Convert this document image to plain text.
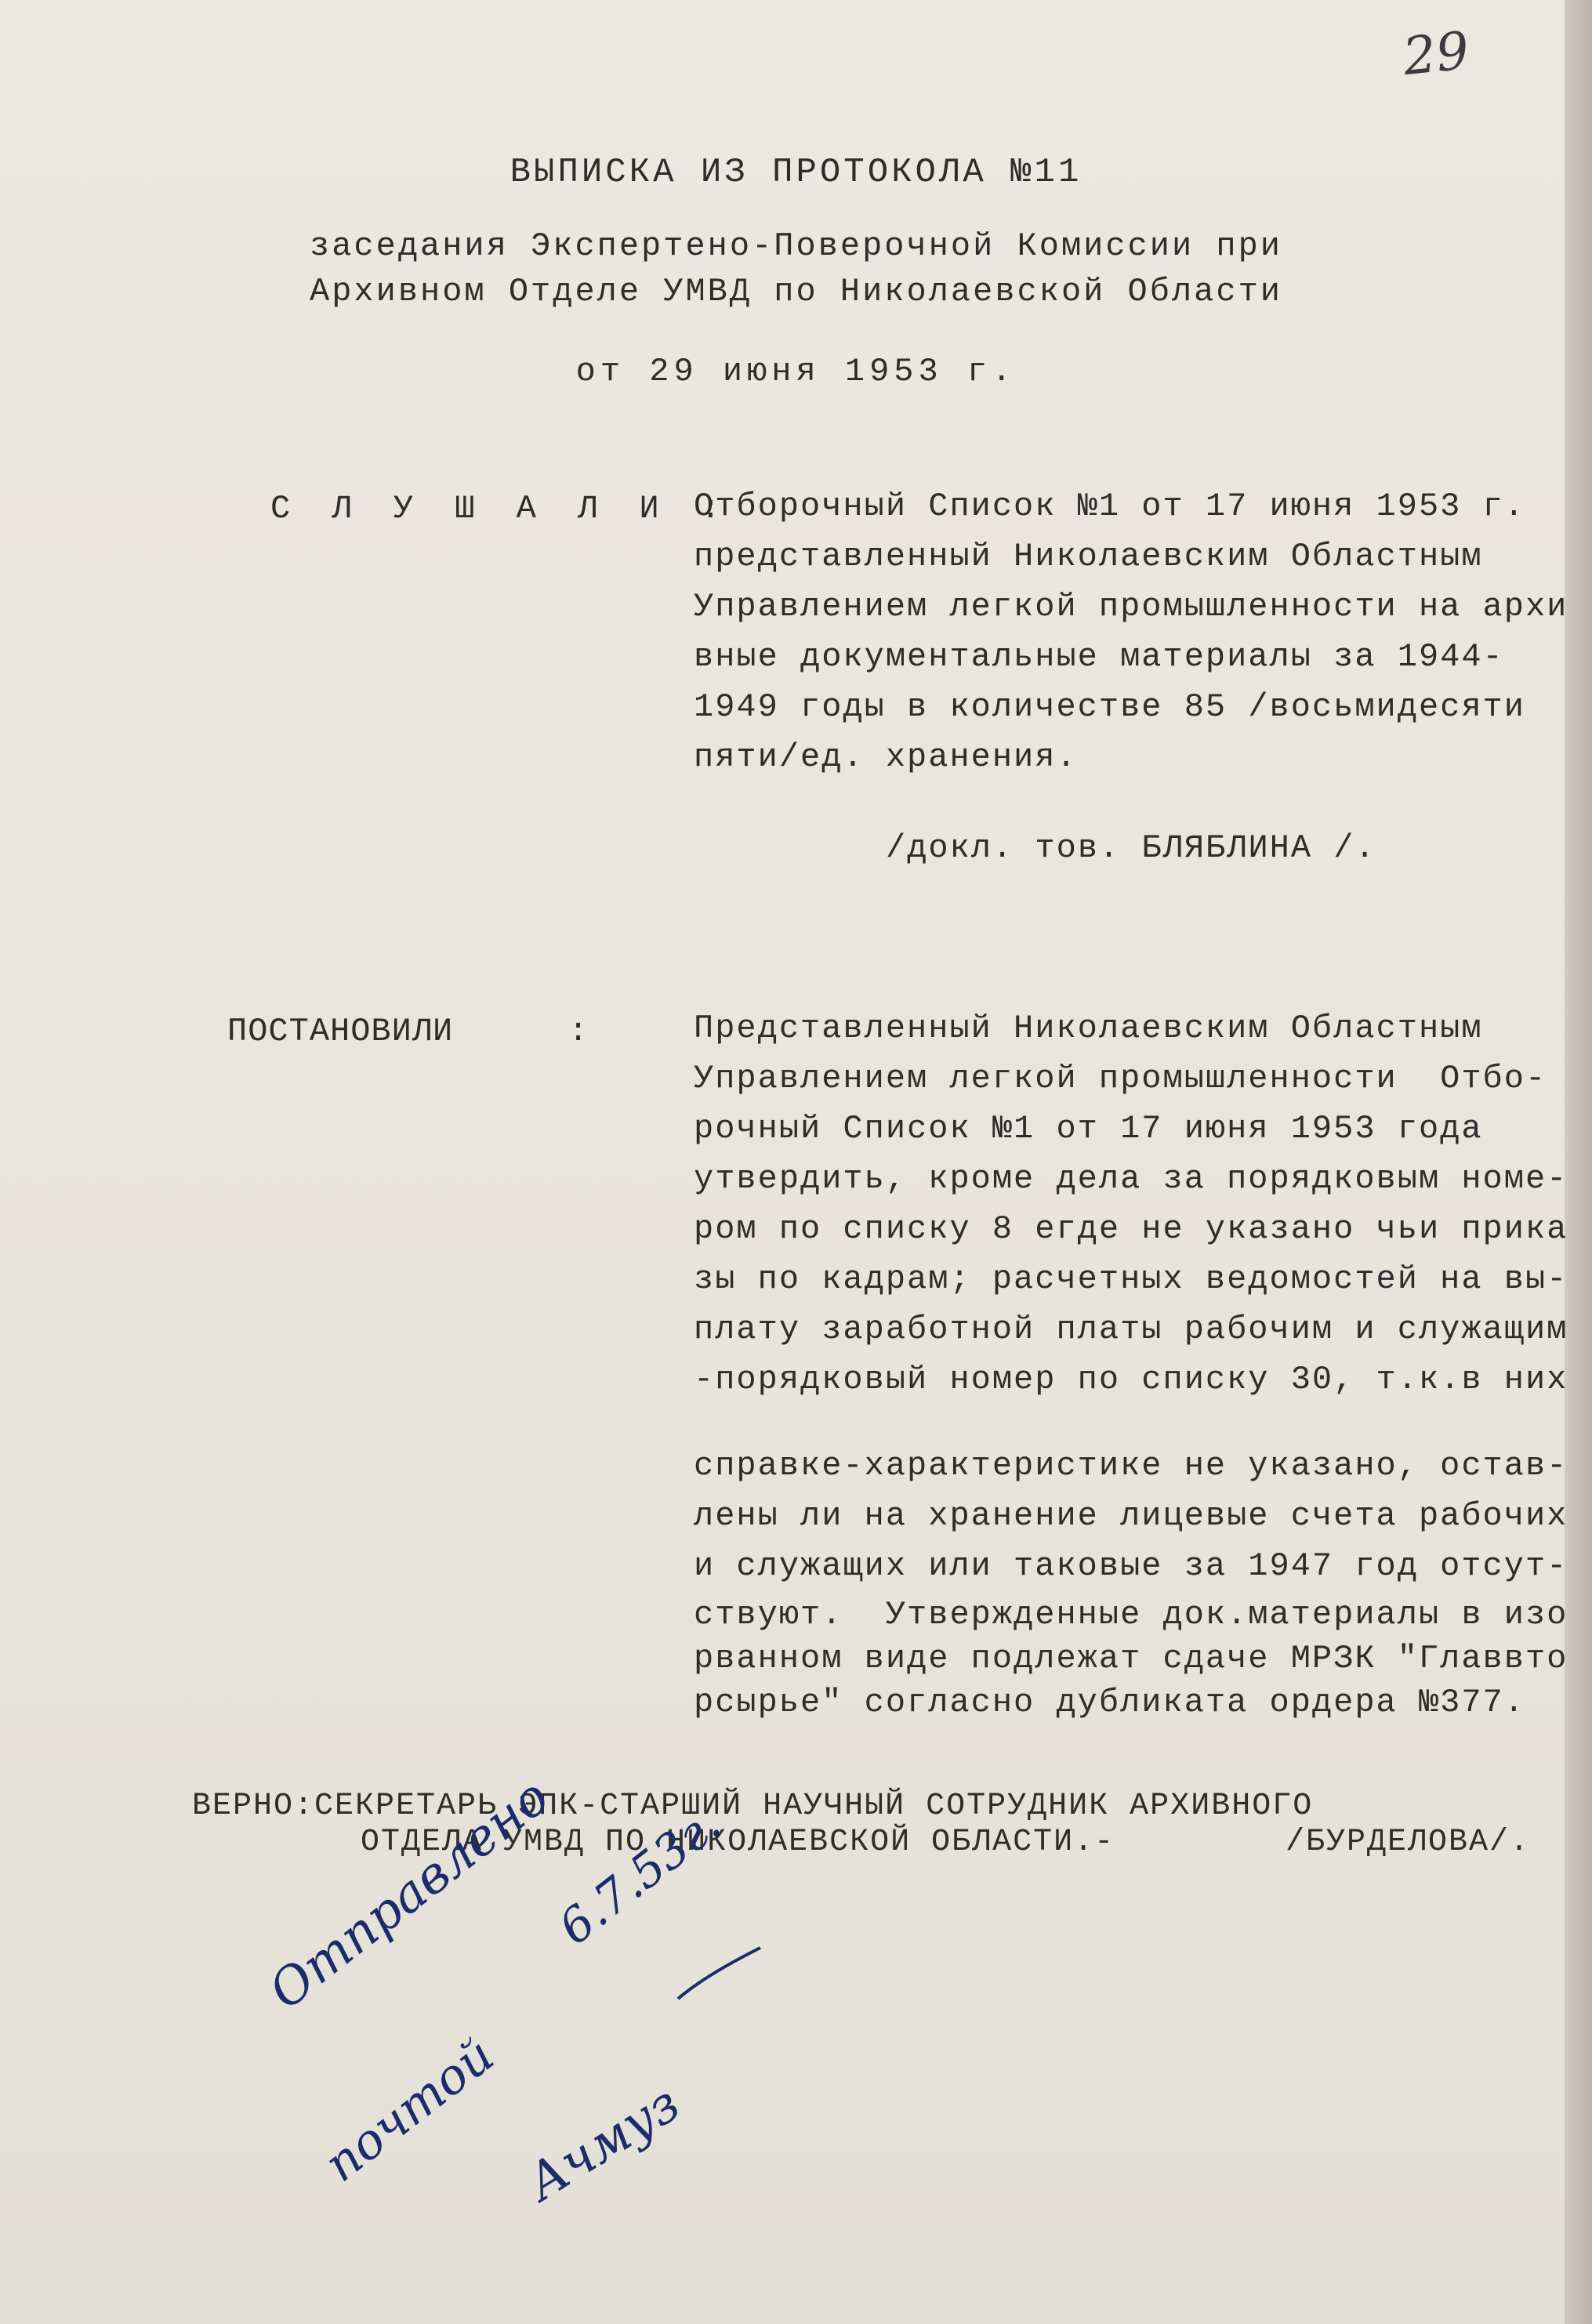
29
ВЫПИСКА ИЗ ПРОТОКОЛА №11
заседания Экспертено-Поверочной Комиссии при
Архивном Отделе УМВД по Николаевской Области
от 29 июня 1953 г.
С Л У Ш А Л И :
Отборочный Список №1 от 17 июня 1953 г.
представленный Николаевским Областным
Управлением легкой промышленности на архи
вные документальные материалы за 1944-
1949 годы в количестве 85 /восьмидесяти
пяти/ед. хранения.
/докл. тов. БЛЯБЛИНА /.
ПОСТАНОВИЛИ	:	Представленный Николаевским Областным
Управлением легкой промышленности  Отбо-
рочный Список №1 от 17 июня 1953 года
утвердить, кроме дела за порядковым номе-
ром по списку 8 егде не указано чьи прика
зы по кадрам; расчетных ведомостей на вы-
плату заработной платы рабочим и служащим
-порядковый номер по списку 30, т.к.в них
справке-характеристике не указано, остав-
лены ли на хранение лицевые счета рабочих
и служащих или таковые за 1947 год отсут-
ствуют.  Утвержденные док.материалы в изо
рванном виде подлежат сдаче МРЗК "Главвто
рсырье" согласно дубликата ордера №377.
ВЕРНО:СЕКРЕТАРЬ ЭПК-СТАРШИЙ НАУЧНЫЙ СОТРУДНИК АРХИВНОГО
ОТДЕЛА УМВД ПО НИКОЛАЕВСКОЙ ОБЛАСТИ.-	/БУРДЕЛОВА/.
Отправлено
почтой
6.7.53г.
Ачмуз
